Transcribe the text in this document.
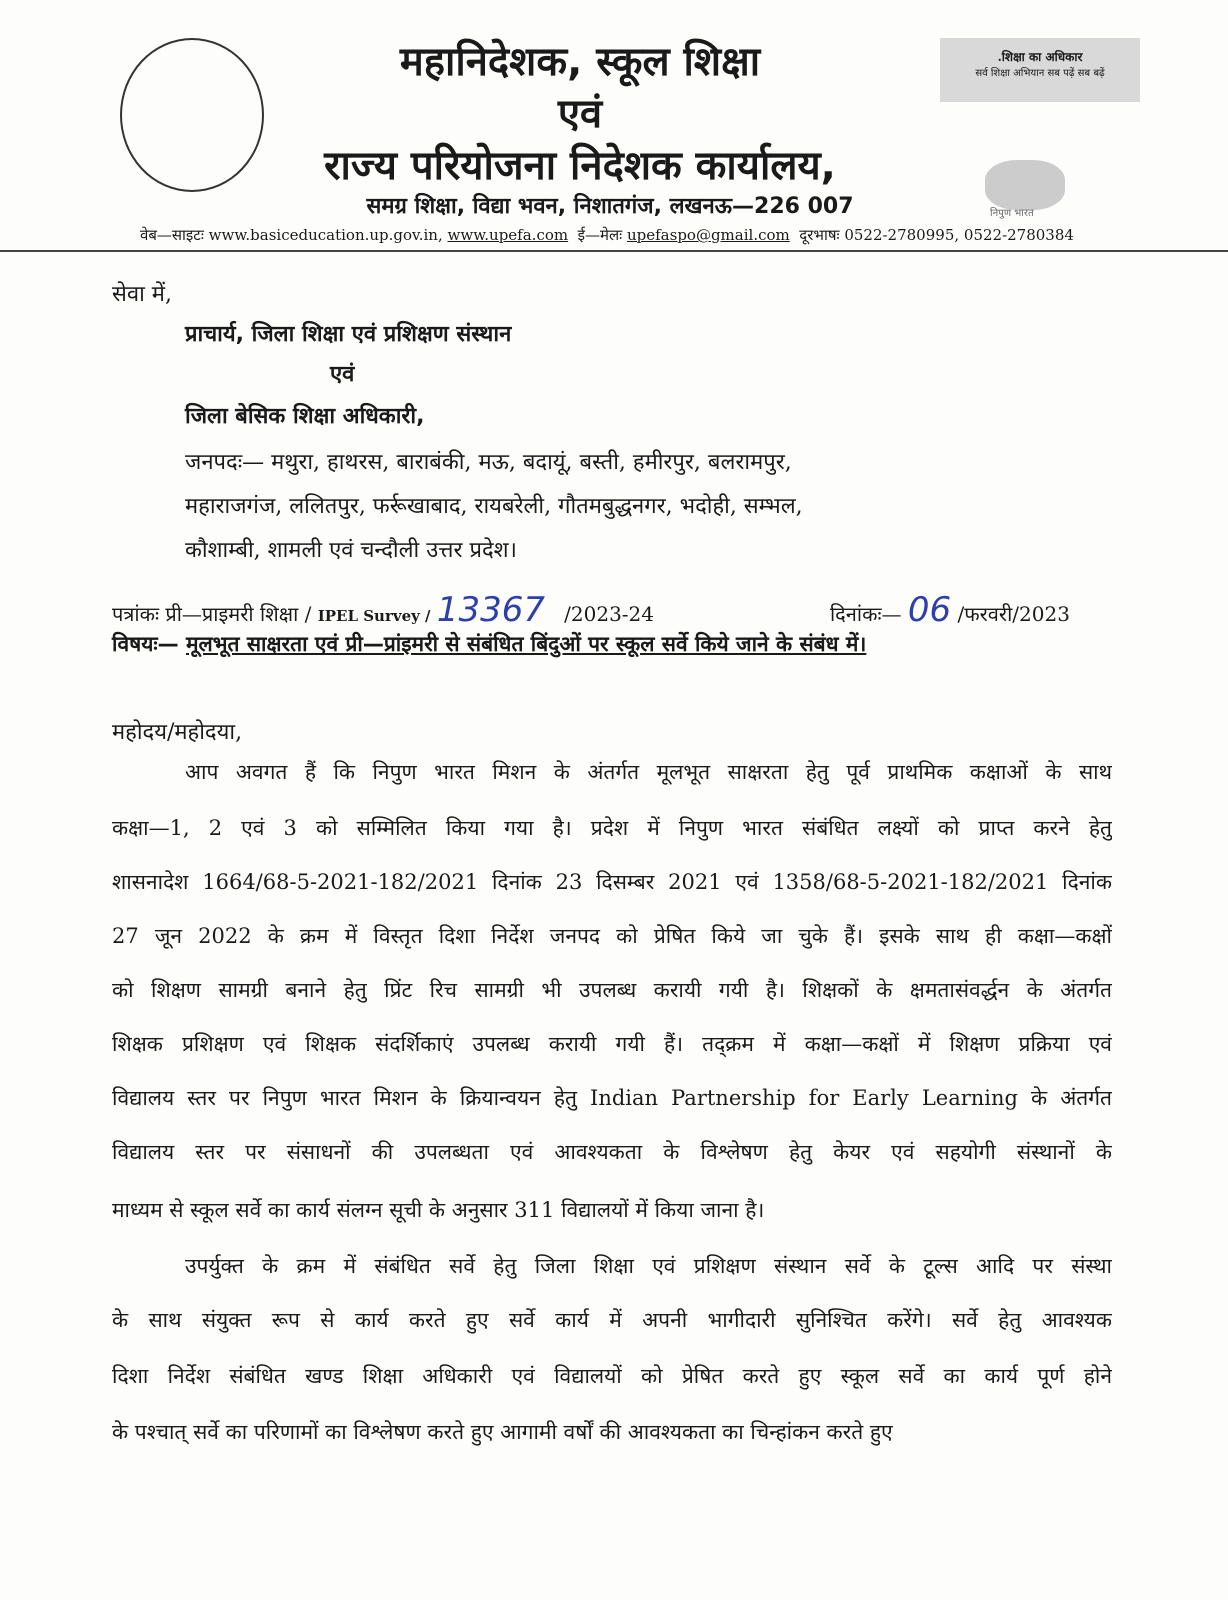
महानिदेशक, स्कूल शिक्षा
एवं
राज्य परियोजना निदेशक कार्यालय,
समग्र शिक्षा, विद्या भवन, निशातगंज, लखनऊ—226 007
.शिक्षा का अधिकार
सर्व शिक्षा अभियान सब पढ़ें सब बढ़ें
निपुण भारत
वेब—साइटः www.basiceducation.up.gov.in, www.upefa.com ई—मेलः upefaspo@gmail.com दूरभाषः 0522-2780995, 0522-2780384
सेवा में,
प्राचार्य, जिला शिक्षा एवं प्रशिक्षण संस्थान
एवं
जिला बेसिक शिक्षा अधिकारी,
जनपदः— मथुरा, हाथरस, बाराबंकी, मऊ, बदायूं, बस्ती, हमीरपुर, बलरामपुर,
महाराजगंज, ललितपुर, फर्रूखाबाद, रायबरेली, गौतमबुद्धनगर, भदोही, सम्भल,
कौशाम्बी, शामली एवं चन्दौली उत्तर प्रदेश।
पत्रांकः प्री—प्राइमरी शिक्षा / IPEL Survey / 13367 /2023-24	दिनांकः— 06 /फरवरी/2023
विषयः— मूलभूत साक्षरता एवं प्री—प्रांइमरी से संबंधित बिंदुओं पर स्कूल सर्वे किये जाने के संबंध में।
महोदय/महोदया,
आप अवगत हैं कि निपुण भारत मिशन के अंतर्गत मूलभूत साक्षरता हेतु पूर्व प्राथमिक कक्षाओं के साथ
कक्षा—1, 2 एवं 3 को सम्मिलित किया गया है। प्रदेश में निपुण भारत संबंधित लक्ष्यों को प्राप्त करने हेतु
शासनादेश 1664/68-5-2021-182/2021 दिनांक 23 दिसम्बर 2021 एवं 1358/68-5-2021-182/2021 दिनांक
27 जून 2022 के क्रम में विस्तृत दिशा निर्देश जनपद को प्रेषित किये जा चुके हैं। इसके साथ ही कक्षा—कक्षों
को शिक्षण सामग्री बनाने हेतु प्रिंट रिच सामग्री भी उपलब्ध करायी गयी है। शिक्षकों के क्षमतासंवर्द्धन के अंतर्गत
शिक्षक प्रशिक्षण एवं शिक्षक संदर्शिकाएं उपलब्ध करायी गयी हैं। तद्क्रम में कक्षा—कक्षों में शिक्षण प्रक्रिया एवं
विद्यालय स्तर पर निपुण भारत मिशन के क्रियान्वयन हेतु Indian Partnership for Early Learning के अंतर्गत
विद्यालय स्तर पर संसाधनों की उपलब्धता एवं आवश्यकता के विश्लेषण हेतु केयर एवं सहयोगी संस्थानों के
माध्यम से स्कूल सर्वे का कार्य संलग्न सूची के अनुसार 311 विद्यालयों में किया जाना है।
उपर्युक्त के क्रम में संबंधित सर्वे हेतु जिला शिक्षा एवं प्रशिक्षण संस्थान सर्वे के टूल्स आदि पर संस्था
के साथ संयुक्त रूप से कार्य करते हुए सर्वे कार्य में अपनी भागीदारी सुनिश्चित करेंगे। सर्वे हेतु आवश्यक
दिशा निर्देश संबंधित खण्ड शिक्षा अधिकारी एवं विद्यालयों को प्रेषित करते हुए स्कूल सर्वे का कार्य पूर्ण होने
के पश्चात् सर्वे का परिणामों का विश्लेषण करते हुए आगामी वर्षों की आवश्यकता का चिन्हांकन करते हुए
